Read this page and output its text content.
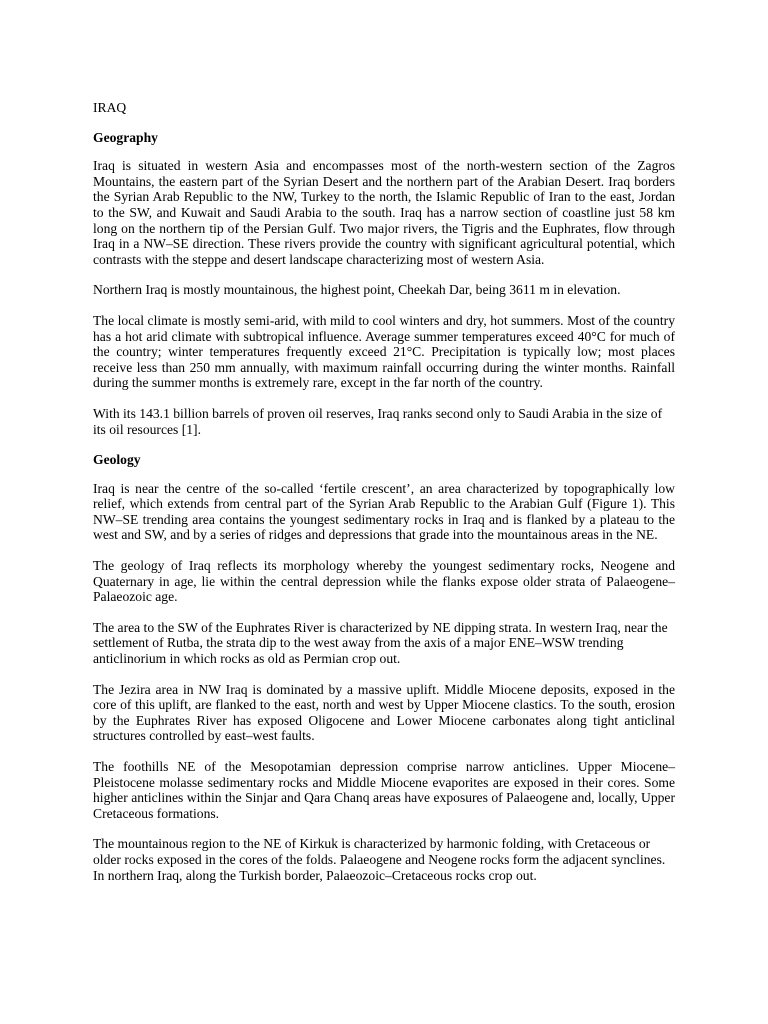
IRAQ
Geography

Iraq is situated in western Asia and encompasses most of the north-western section of the Zagros Mountains, the eastern part of the Syrian Desert and the northern part of the Arabian Desert. Iraq borders the Syrian Arab Republic to the NW, Turkey to the north, the Islamic Republic of Iran to the east, Jordan to the SW, and Kuwait and Saudi Arabia to the south. Iraq has a narrow section of coastline just 58 km long on the northern tip of the Persian Gulf. Two major rivers, the Tigris and the Euphrates, flow through Iraq in a NW–SE direction. These rivers provide the country with significant agricultural potential, which contrasts with the steppe and desert landscape characterizing most of western Asia.

Northern Iraq is mostly mountainous, the highest point, Cheekah Dar, being 3611 m in elevation.

The local climate is mostly semi-arid, with mild to cool winters and dry, hot summers. Most of the country has a hot arid climate with subtropical influence. Average summer temperatures exceed 40°C for much of the country; winter temperatures frequently exceed 21°C. Precipitation is typically low; most places receive less than 250 mm annually, with maximum rainfall occurring during the winter months. Rainfall during the summer months is extremely rare, except in the far north of the country.

With its 143.1 billion barrels of proven oil reserves, Iraq ranks second only to Saudi Arabia in the size of its oil resources [1].

Geology

Iraq is near the centre of the so-called ‘fertile crescent’, an area characterized by topographically low relief, which extends from central part of the Syrian Arab Republic to the Arabian Gulf (Figure 1). This NW–SE trending area contains the youngest sedimentary rocks in Iraq and is flanked by a plateau to the west and SW, and by a series of ridges and depressions that grade into the mountainous areas in the NE.

The geology of Iraq reflects its morphology whereby the youngest sedimentary rocks, Neogene and Quaternary in age, lie within the central depression while the flanks expose older strata of Palaeogene–Palaeozoic age.

The area to the SW of the Euphrates River is characterized by NE dipping strata. In western Iraq, near the settlement of Rutba, the strata dip to the west away from the axis of a major ENE–WSW trending anticlinorium in which rocks as old as Permian crop out.

The Jezira area in NW Iraq is dominated by a massive uplift. Middle Miocene deposits, exposed in the core of this uplift, are flanked to the east, north and west by Upper Miocene clastics. To the south, erosion by the Euphrates River has exposed Oligocene and Lower Miocene carbonates along tight anticlinal structures controlled by east–west faults.

The foothills NE of the Mesopotamian depression comprise narrow anticlines. Upper Miocene–Pleistocene molasse sedimentary rocks and Middle Miocene evaporites are exposed in their cores. Some higher anticlines within the Sinjar and Qara Chanq areas have exposures of Palaeogene and, locally, Upper Cretaceous formations.

The mountainous region to the NE of Kirkuk is characterized by harmonic folding, with Cretaceous or older rocks exposed in the cores of the folds. Palaeogene and Neogene rocks form the adjacent synclines. In northern Iraq, along the Turkish border, Palaeozoic–Cretaceous rocks crop out.
